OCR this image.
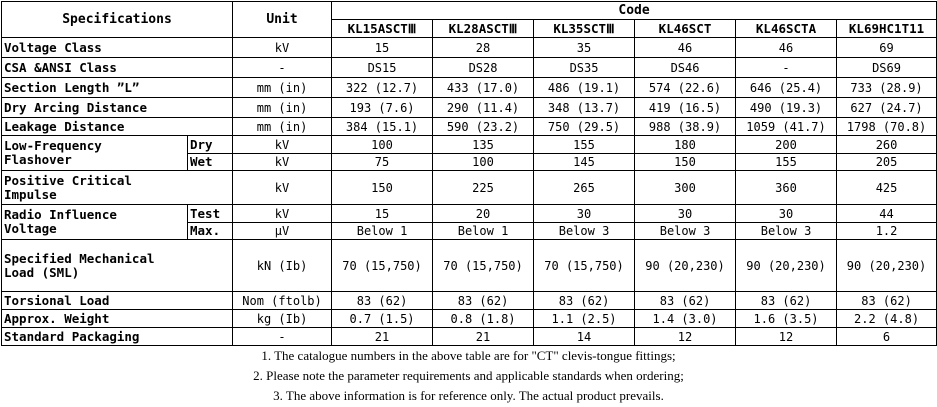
Specifications		Unit	Code					
			KL15ASCTⅢ	KL28ASCTⅢ	KL35SCTⅢ	KL46SCT	KL46SCTA	KL69HC1T11
Voltage Class		kV	15	28	35	46	46	69
CSA &ANSI Class		-	DS15	DS28	DS35	DS46	-	DS69
Section Length ”L”		mm (in)	322 (12.7)	433 (17.0)	486 (19.1)	574 (22.6)	646 (25.4)	733 (28.9)
Dry Arcing Distance		mm (in)	193 (7.6)	290 (11.4)	348 (13.7)	419 (16.5)	490 (19.3)	627 (24.7)
Leakage Distance		mm (in)	384 (15.1)	590 (23.2)	750 (29.5)	988 (38.9)	1059 (41.7)	1798 (70.8)

Low-Frequency
Flashover	Dry	kV	100	135	155	180	200	260
	Wet	kV	75	100	145	150	155	205

Positive Critical
Impulse		kV	150	225	265	300	360	425

Radio Influence
Voltage	Test	kV	15	20	30	30	30	44
	Max.	μV	Below 1	Below 1	Below 3	Below 3	Below 3	1.2

Specified Mechanical
Load (SML)		kN (Ib)	70 (15,750)	70 (15,750)	70 (15,750)	90 (20,230)	90 (20,230)	90 (20,230)
Torsional Load		Nom (ftolb)	83 (62)	83 (62)	83 (62)	83 (62)	83 (62)	83 (62)
Approx. Weight		kg (Ib)	0.7 (1.5)	0.8 (1.8)	1.1 (2.5)	1.4 (3.0)	1.6 (3.5)	2.2 (4.8)
Standard Packaging		-	21	21	14	12	12	6
1. The catalogue numbers in the above table are for "CT" clevis-tongue fittings;
2. Please note the parameter requirements and applicable standards when ordering;
3. The above information is for reference only. The actual product prevails.
